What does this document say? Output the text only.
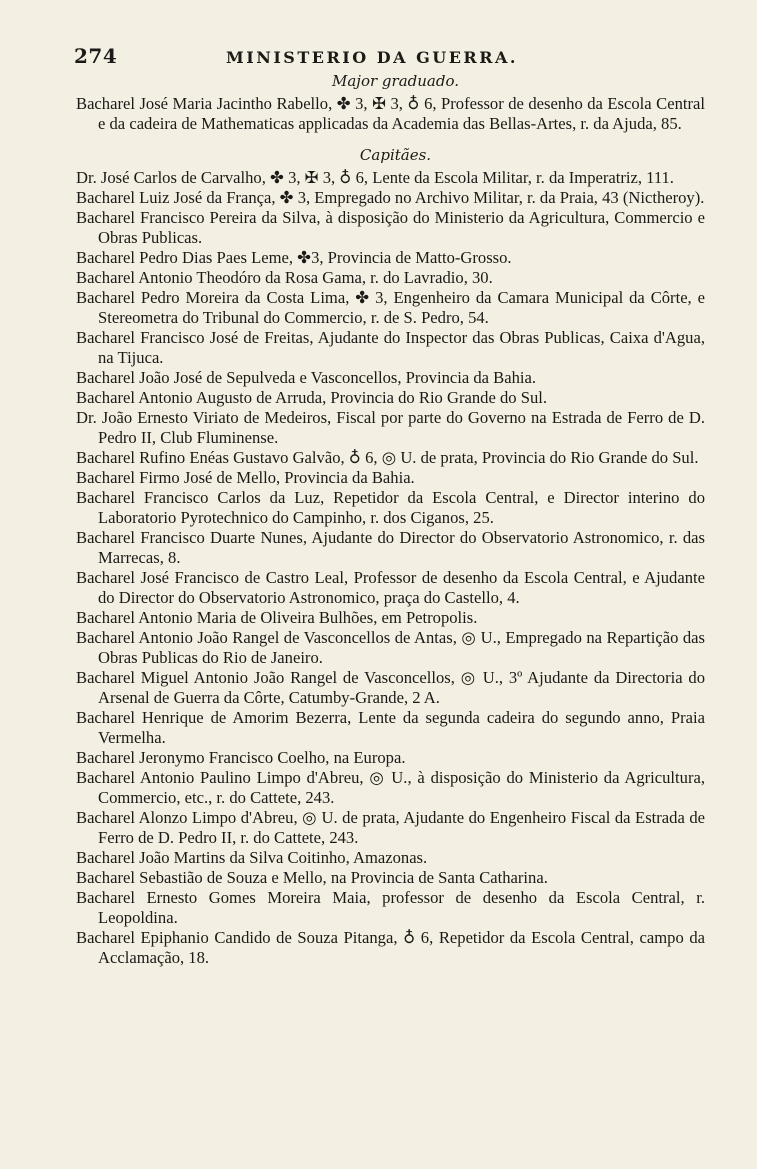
274	MINISTERIO DA GUERRA.
Major graduado.

Bacharel José Maria Jacintho Rabello, ✤ 3, ✠ 3, ♁ 6, Professor de desenho da Escola Central e da cadeira de Mathematicas applicadas da Academia das Bellas-Artes, r. da Ajuda, 85.

Capitães.

Dr. José Carlos de Carvalho, ✤ 3, ✠ 3, ♁ 6, Lente da Escola Militar, r. da Imperatriz, 111.

Bacharel Luiz José da França, ✤ 3, Empregado no Archivo Militar, r. da Praia, 43 (Nictheroy).

Bacharel Francisco Pereira da Silva, à disposição do Ministerio da Agricultura, Commercio e Obras Publicas.

Bacharel Pedro Dias Paes Leme, ✤3, Provincia de Matto-Grosso.

Bacharel Antonio Theodóro da Rosa Gama, r. do Lavradio, 30.

Bacharel Pedro Moreira da Costa Lima, ✤ 3, Engenheiro da Camara Municipal da Côrte, e Stereometra do Tribunal do Commercio, r. de S. Pedro, 54.

Bacharel Francisco José de Freitas, Ajudante do Inspector das Obras Publicas, Caixa d'Agua, na Tijuca.

Bacharel João José de Sepulveda e Vasconcellos, Provincia da Bahia.

Bacharel Antonio Augusto de Arruda, Provincia do Rio Grande do Sul.

Dr. João Ernesto Viriato de Medeiros, Fiscal por parte do Governo na Estrada de Ferro de D. Pedro II, Club Fluminense.

Bacharel Rufino Enéas Gustavo Galvão, ♁ 6, ◎ U. de prata, Provincia do Rio Grande do Sul.

Bacharel Firmo José de Mello, Provincia da Bahia.

Bacharel Francisco Carlos da Luz, Repetidor da Escola Central, e Director interino do Laboratorio Pyrotechnico do Campinho, r. dos Ciganos, 25.

Bacharel Francisco Duarte Nunes, Ajudante do Director do Observatorio Astronomico, r. das Marrecas, 8.

Bacharel José Francisco de Castro Leal, Professor de desenho da Escola Central, e Ajudante do Director do Observatorio Astronomico, praça do Castello, 4.

Bacharel Antonio Maria de Oliveira Bulhões, em Petropolis.

Bacharel Antonio João Rangel de Vasconcellos de Antas, ◎ U., Empregado na Repartição das Obras Publicas do Rio de Janeiro.

Bacharel Miguel Antonio João Rangel de Vasconcellos, ◎ U., 3º Ajudante da Directoria do Arsenal de Guerra da Côrte, Catumby-Grande, 2 A.

Bacharel Henrique de Amorim Bezerra, Lente da segunda cadeira do segundo anno, Praia Vermelha.

Bacharel Jeronymo Francisco Coelho, na Europa.

Bacharel Antonio Paulino Limpo d'Abreu, ◎ U., à disposição do Ministerio da Agricultura, Commercio, etc., r. do Cattete, 243.

Bacharel Alonzo Limpo d'Abreu, ◎ U. de prata, Ajudante do Engenheiro Fiscal da Estrada de Ferro de D. Pedro II, r. do Cattete, 243.

Bacharel João Martins da Silva Coitinho, Amazonas.

Bacharel Sebastião de Souza e Mello, na Provincia de Santa Catharina.

Bacharel Ernesto Gomes Moreira Maia, professor de desenho da Escola Central, r. Leopoldina.

Bacharel Epiphanio Candido de Souza Pitanga, ♁ 6, Repetidor da Escola Central, campo da Acclamação, 18.
